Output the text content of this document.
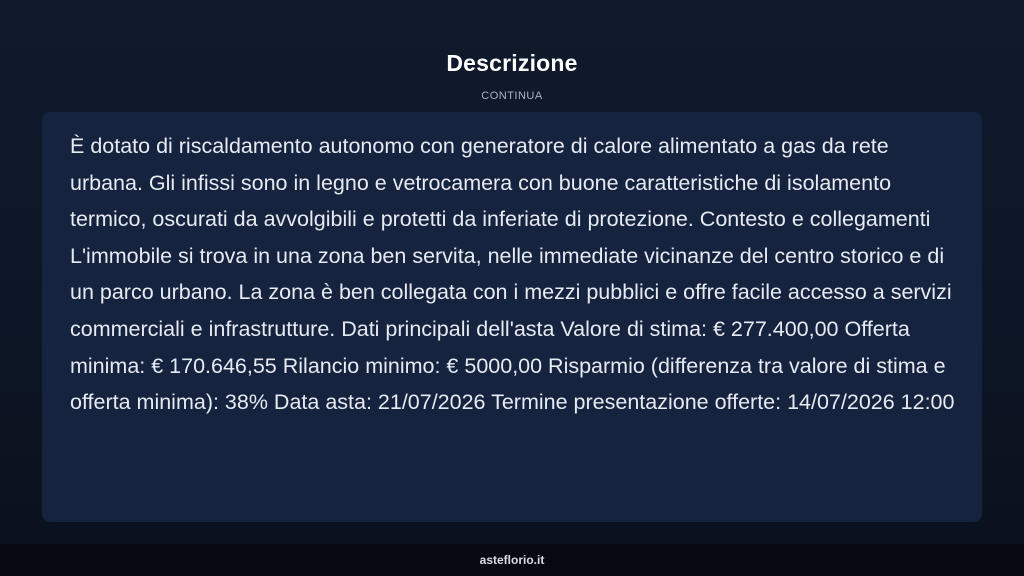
Descrizione
CONTINUA

È dotato di riscaldamento autonomo con generatore di calore alimentato a gas da rete urbana. Gli infissi sono in legno e vetrocamera con buone caratteristiche di isolamento termico, oscurati da avvolgibili e protetti da inferiate di protezione. Contesto e collegamenti L'immobile si trova in una zona ben servita, nelle immediate vicinanze del centro storico e di un parco urbano. La zona è ben collegata con i mezzi pubblici e offre facile accesso a servizi commerciali e infrastrutture. Dati principali dell'asta Valore di stima: € 277.400,00 Offerta minima: € 170.646,55 Rilancio minimo: € 5000,00 Risparmio (differenza tra valore di stima e offerta minima): 38% Data asta: 21/07/2026 Termine presentazione offerte: 14/07/2026 12:00

asteflorio.it
